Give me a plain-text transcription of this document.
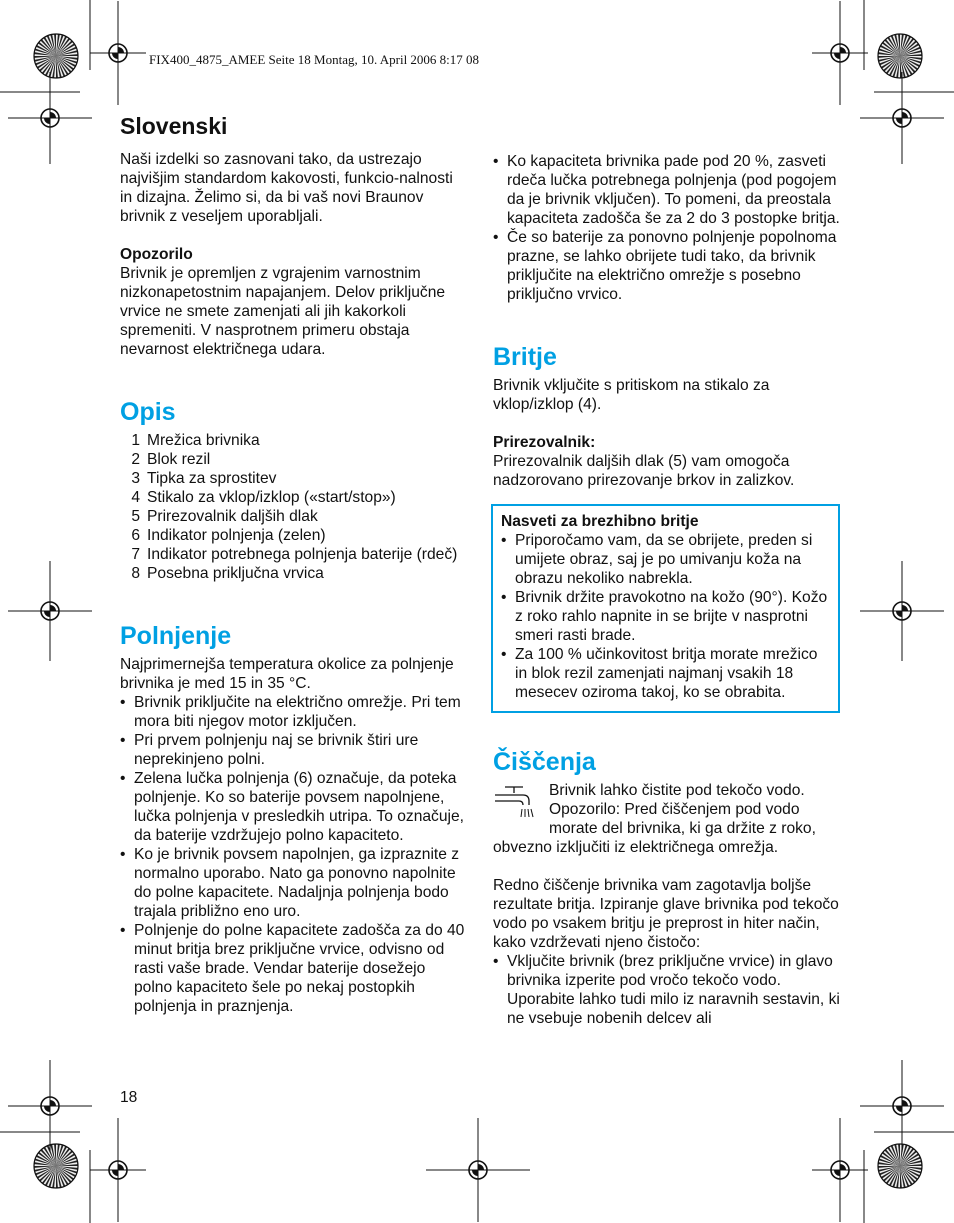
FIX400_4875_AMEE Seite 18 Montag, 10. April 2006 8:17 08
Slovenski

Naši izdelki so zasnovani tako, da ustrezajo najvišjim standardom kakovosti, funkcio-nalnosti in dizajna. Želimo si, da bi vaš novi Braunov brivnik z veseljem uporabljali.

Opozorilo

Brivnik je opremljen z vgrajenim varnostnim nizkonapetostnim napajanjem. Delov priključne vrvice ne smete zamenjati ali jih kakorkoli spremeniti. V nasprotnem primeru obstaja nevarnost električnega udara.

Opis
1 Mrežica brivnika
2 Blok rezil
3 Tipka za sprostitev
4 Stikalo za vklop/izklop («start/stop»)
5 Prirezovalnik daljših dlak
6 Indikator polnjenja (zelen)
7 Indikator potrebnega polnjenja baterije (rdeč)
8 Posebna priključna vrvica
Polnjenje

Najprimernejša temperatura okolice za polnjenje brivnika je med 15 in 35 °C.

• Brivnik priključite na električno omrežje. Pri tem mora biti njegov motor izključen.
• Pri prvem polnjenju naj se brivnik štiri ure neprekinjeno polni.
• Zelena lučka polnjenja (6) označuje, da poteka polnjenje. Ko so baterije povsem napolnjene, lučka polnjenja v presledkih utripa. To označuje, da baterije vzdržujejo polno kapaciteto.
• Ko je brivnik povsem napolnjen, ga izpraznite z normalno uporabo. Nato ga ponovno napolnite do polne kapacitete. Nadaljnja polnjenja bodo trajala približno eno uro.
• Polnjenje do polne kapacitete zadošča za do 40 minut britja brez priključne vrvice, odvisno od rasti vaše brade. Vendar baterije dosežejo polno kapaciteto šele po nekaj postopkih polnjenja in praznjenja.
• Ko kapaciteta brivnika pade pod 20 %, zasveti rdeča lučka potrebnega polnjenja (pod pogojem da je brivnik vključen). To pomeni, da preostala kapaciteta zadošča še za 2 do 3 postopke britja.
• Če so baterije za ponovno polnjenje popolnoma prazne, se lahko obrijete tudi tako, da brivnik priključite na električno omrežje s posebno priključno vrvico.
Britje

Brivnik vključite s pritiskom na stikalo za vklop/izklop (4).

Prirezovalnik:

Prirezovalnik daljših dlak (5) vam omogoča nadzorovano prirezovanje brkov in zalizkov.

Nasveti za brezhibno britje

• Priporočamo vam, da se obrijete, preden si umijete obraz, saj je po umivanju koža na obrazu nekoliko nabrekla.
• Brivnik držite pravokotno na kožo (90°). Kožo z roko rahlo napnite in se brijte v nasprotni smeri rasti brade.
• Za 100 % učinkovitost britja morate mrežico in blok rezil zamenjati najmanj vsakih 18 mesecev oziroma takoj, ko se obrabita.
Čiščenja

Brivnik lahko čistite pod tekočo vodo. Opozorilo: Pred čiščenjem pod vodo morate del brivnika, ki ga držite z roko,

obvezno izključiti iz električnega omrežja.

Redno čiščenje brivnika vam zagotavlja boljše rezultate britja. Izpiranje glave brivnika pod tekočo vodo po vsakem britju je preprost in hiter način, kako vzdrževati njeno čistočo:

• Vključite brivnik (brez priključne vrvice) in glavo brivnika izperite pod vročo tekočo vodo. Uporabite lahko tudi milo iz naravnih sestavin, ki ne vsebuje nobenih delcev ali
18
